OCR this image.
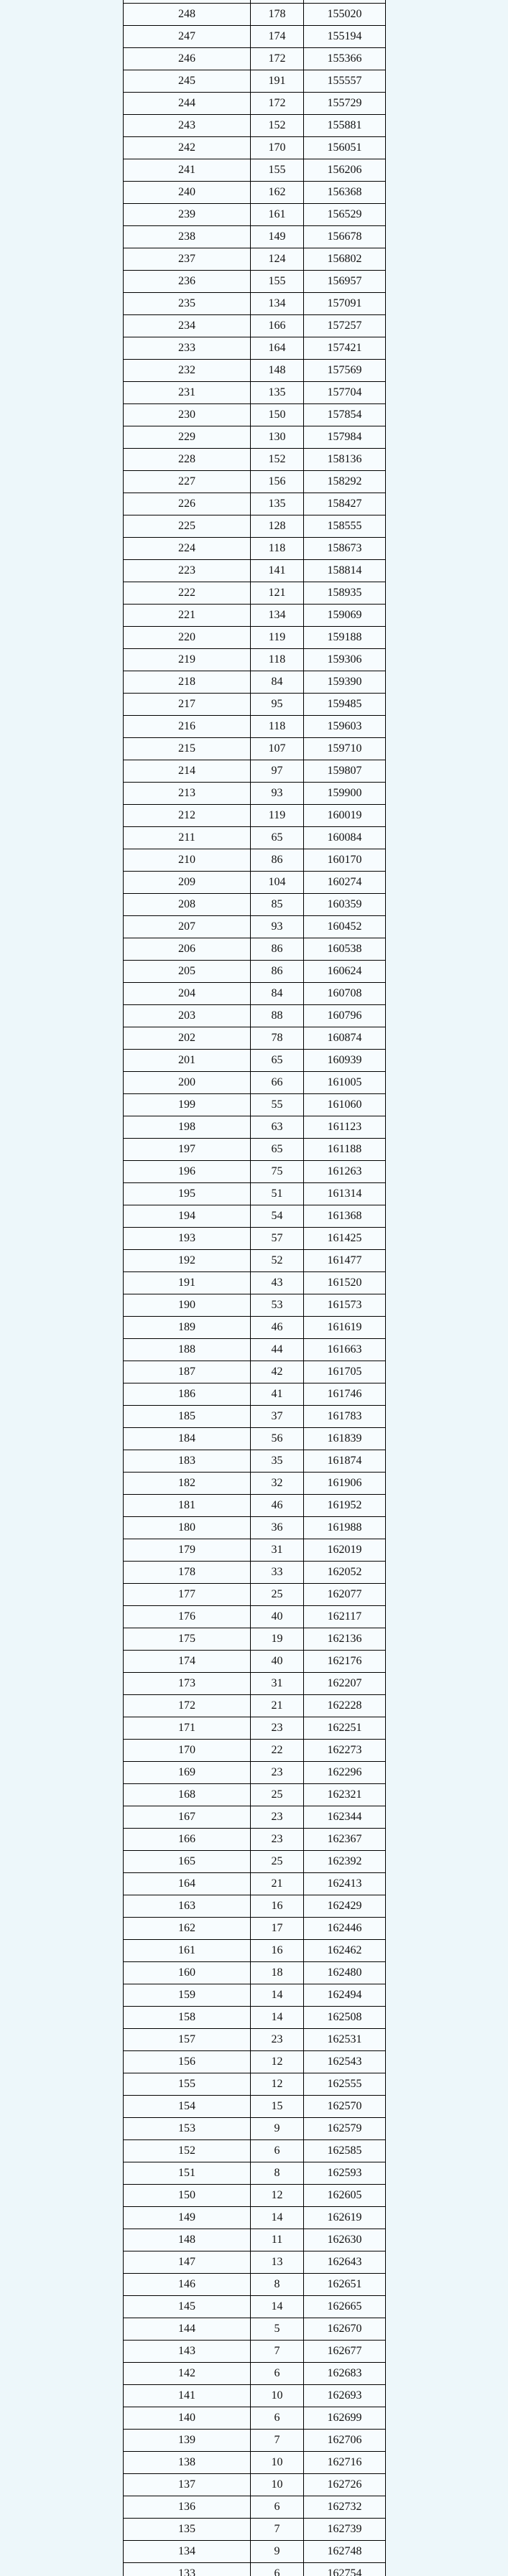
248	178	155020
247	174	155194
246	172	155366
245	191	155557
244	172	155729
243	152	155881
242	170	156051
241	155	156206
240	162	156368
239	161	156529
238	149	156678
237	124	156802
236	155	156957
235	134	157091
234	166	157257
233	164	157421
232	148	157569
231	135	157704
230	150	157854
229	130	157984
228	152	158136
227	156	158292
226	135	158427
225	128	158555
224	118	158673
223	141	158814
222	121	158935
221	134	159069
220	119	159188
219	118	159306
218	84	159390
217	95	159485
216	118	159603
215	107	159710
214	97	159807
213	93	159900
212	119	160019
211	65	160084
210	86	160170
209	104	160274
208	85	160359
207	93	160452
206	86	160538
205	86	160624
204	84	160708
203	88	160796
202	78	160874
201	65	160939
200	66	161005
199	55	161060
198	63	161123
197	65	161188
196	75	161263
195	51	161314
194	54	161368
193	57	161425
192	52	161477
191	43	161520
190	53	161573
189	46	161619
188	44	161663
187	42	161705
186	41	161746
185	37	161783
184	56	161839
183	35	161874
182	32	161906
181	46	161952
180	36	161988
179	31	162019
178	33	162052
177	25	162077
176	40	162117
175	19	162136
174	40	162176
173	31	162207
172	21	162228
171	23	162251
170	22	162273
169	23	162296
168	25	162321
167	23	162344
166	23	162367
165	25	162392
164	21	162413
163	16	162429
162	17	162446
161	16	162462
160	18	162480
159	14	162494
158	14	162508
157	23	162531
156	12	162543
155	12	162555
154	15	162570
153	9	162579
152	6	162585
151	8	162593
150	12	162605
149	14	162619
148	11	162630
147	13	162643
146	8	162651
145	14	162665
144	5	162670
143	7	162677
142	6	162683
141	10	162693
140	6	162699
139	7	162706
138	10	162716
137	10	162726
136	6	162732
135	7	162739
134	9	162748
133	6	162754
